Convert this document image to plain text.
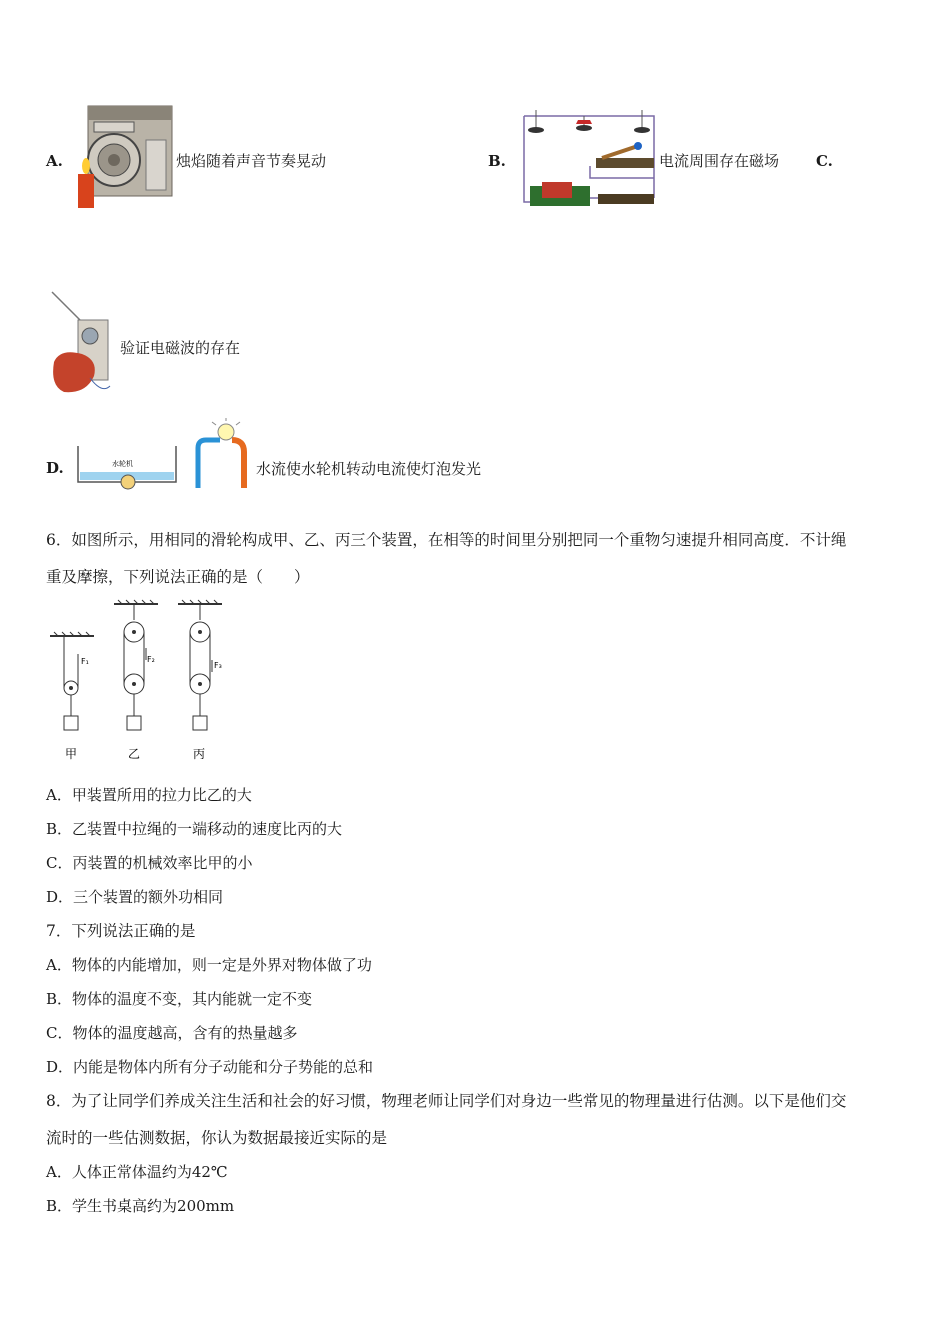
A.	烛焰随着声音节奏晃动	B.	电流周围存在磁场 C.
验证电磁波的存在
D.	水轮机	水流使水轮机转动电流使灯泡发光
6．如图所示，用相同的滑轮构成甲、乙、丙三个装置，在相等的时间里分别把同一个重物匀速提升相同高度．不计绳
重及摩擦，下列说法正确的是（　　）
F₁
甲
F₂
乙
F₃
丙
A．甲装置所用的拉力比乙的大
B．乙装置中拉绳的一端移动的速度比丙的大
C．丙装置的机械效率比甲的小
D．三个装置的额外功相同
7．下列说法正确的是
A．物体的内能增加，则一定是外界对物体做了功
B．物体的温度不变，其内能就一定不变
C．物体的温度越高，含有的热量越多
D．内能是物体内所有分子动能和分子势能的总和
8．为了让同学们养成关注生活和社会的好习惯，物理老师让同学们对身边一些常见的物理量进行估测。以下是他们交
流时的一些估测数据，你认为数据最接近实际的是
A．人体正常体温约为42℃
B．学生书桌高约为200mm
